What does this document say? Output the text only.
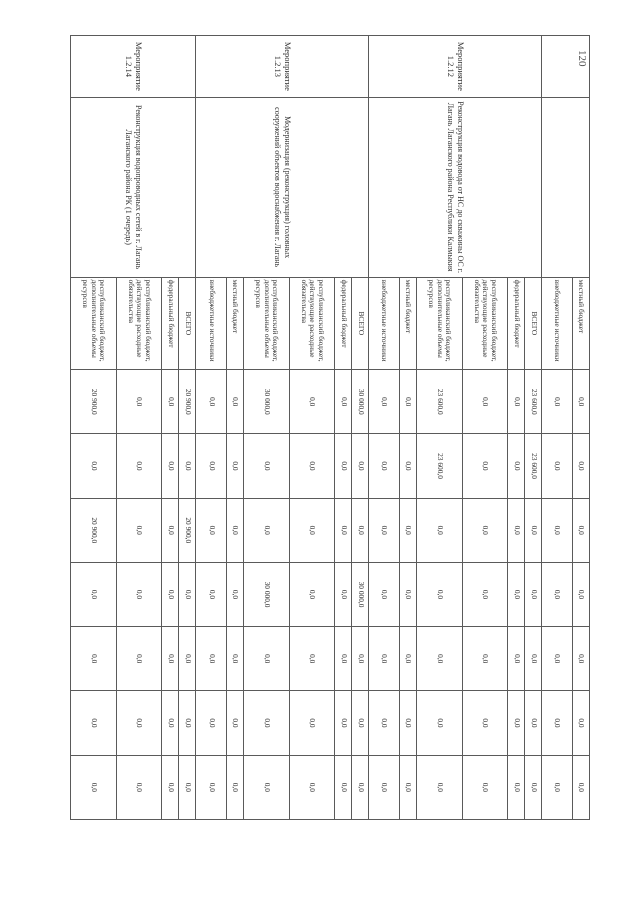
120
		местный бюджет	0,0	0,0	0,0	0,0	0,0	0,0	0,0
		внебюджетные источники	0,0	0,0	0,0	0,0	0,0	0,0	0,0
Мероприятие 1.2.12	Реконструкция водовода от НС до скважины ОС г. Лагань Лаганского района Республики Калмыкия	ВСЕГО	23 600,0	23 600,0	0,0	0,0	0,0	0,0	0,0
		федеральный бюджет	0,0	0,0	0,0	0,0	0,0	0,0	0,0
		республиканский бюджет, действующие расходные обязательства	0,0	0,0	0,0	0,0	0,0	0,0	0,0
		республиканский бюджет, дополнительные объемы ресурсов	23 600,0	23 600,0	0,0	0,0	0,0	0,0	0,0
		местный бюджет	0,0	0,0	0,0	0,0	0,0	0,0	0,0
		внебюджетные источники	0,0	0,0	0,0	0,0	0,0	0,0	0,0
Мероприятие 1.2.13	Модернизация (реконструкция) головных сооружений объектов водоснабжения г. Лагань	ВСЕГО	30 000,0	0,0	0,0	30 000,0	0,0	0,0	0,0
		федеральный бюджет	0,0	0,0	0,0	0,0	0,0	0,0	0,0
		республиканский бюджет, действующие расходные обязательства	0,0	0,0	0,0	0,0	0,0	0,0	0,0
		республиканский бюджет, дополнительные объемы ресурсов	30 000,0	0,0	0,0	30 000,0	0,0	0,0	0,0
		местный бюджет	0,0	0,0	0,0	0,0	0,0	0,0	0,0
		внебюджетные источники	0,0	0,0	0,0	0,0	0,0	0,0	0,0
Мероприятие 1.2.14	Реконструкция водопроводных сетей в г. Лагань Лаганского района РК (1 очередь)	ВСЕГО	20 900,0	0,0	20 900,0	0,0	0,0	0,0	0,0
		федеральный бюджет	0,0	0,0	0,0	0,0	0,0	0,0	0,0
		республиканский бюджет, действующие расходные обязательства	0,0	0,0	0,0	0,0	0,0	0,0	0,0
		республиканский бюджет, дополнительные объемы ресурсов	20 900,0	0,0	20 900,0	0,0	0,0	0,0	0,0
